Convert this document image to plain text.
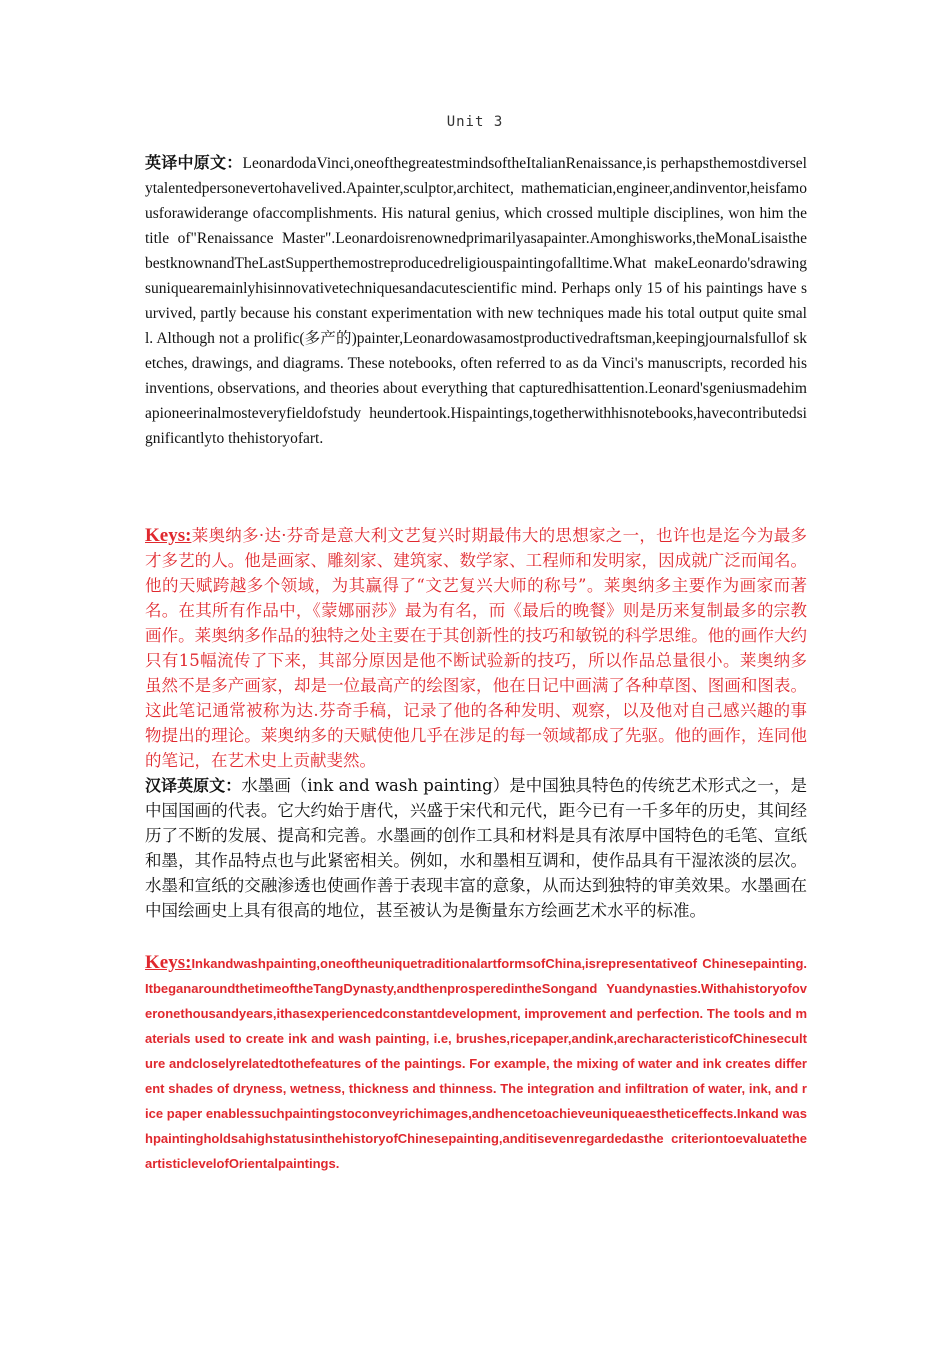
Unit 3
英译中原文：LeonardodaVinci,oneofthegreatestmindsoftheItalianRenaissance,is perhapsthemostdiverselytalentedpersonevertohavelived.Apainter,sculptor,architect, mathematician,engineer,andinventor,heisfamousforawiderange ofaccomplishments. His natural genius, which crossed multiple disciplines, won him the title of"Renaissance Master".Leonardoisrenownedprimarilyasapainter.Amonghisworks,theMonaLisaisthe bestknownandTheLastSupperthemostreproducedreligiouspaintingofalltime.What makeLeonardo'sdrawingsuniquearemainlyhisinnovativetechniquesandacutescientific mind. Perhaps only 15 of his paintings have survived, partly because his constant experimentation with new techniques made his total output quite small. Although not a prolific(多产的)painter,Leonardowasamostproductivedraftsman,keepingjournalsfullof sketches, drawings, and diagrams. These notebooks, often referred to as da Vinci's manuscripts, recorded his inventions, observations, and theories about everything that capturedhisattention.Leonard'sgeniusmadehimapioneerinalmosteveryfieldofstudy heundertook.Hispaintings,togetherwithhisnotebooks,havecontributedsignificantlyto thehistoryofart.
Keys:莱奥纳多·达·芬奇是意大利文艺复兴时期最伟大的思想家之一，也许也是迄今为最多才多艺的人。他是画家、雕刻家、建筑家、数学家、工程师和发明家，因成就广泛而闻名。他的天赋跨越多个领域，为其赢得了“文艺复兴大师的称号”。莱奥纳多主要作为画家而著名。在其所有作品中，《蒙娜丽莎》最为有名，而《最后的晚餐》则是历来复制最多的宗教画作。莱奥纳多作品的独特之处主要在于其创新性的技巧和敏锐的科学思维。他的画作大约只有15幅流传了下来，其部分原因是他不断试验新的技巧，所以作品总量很小。莱奥纳多虽然不是多产画家，却是一位最高产的绘图家，他在日记中画满了各种草图、图画和图表。这此笔记通常被称为达.芬奇手稿，记录了他的各种发明、观察，以及他对自己感兴趣的事物提出的理论。莱奥纳多的天赋使他几乎在涉足的每一领域都成了先驱。他的画作，连同他的笔记，在艺术史上贡献斐然。
汉译英原文：水墨画（ink and wash painting）是中国独具特色的传统艺术形式之一，是中国国画的代表。它大约始于唐代，兴盛于宋代和元代，距今已有一千多年的历史，其间经历了不断的发展、提高和完善。水墨画的创作工具和材料是具有浓厚中国特色的毛笔、宣纸和墨，其作品特点也与此紧密相关。例如，水和墨相互调和，使作品具有干湿浓淡的层次。水墨和宣纸的交融渗透也使画作善于表现丰富的意象，从而达到独特的审美效果。水墨画在中国绘画史上具有很高的地位，甚至被认为是衡量东方绘画艺术水平的标准。
Keys:Inkandwashpainting,oneoftheuniquetraditionalartformsofChina,isrepresentativeof Chinesepainting.ItbeganaroundthetimeoftheTangDynasty,andthenprosperedintheSongand Yuandynasties.Withahistoryofoveronethousandyears,ithasexperiencedconstantdevelopment, improvement and perfection. The tools and materials used to create ink and wash painting, i.e, brushes,ricepaper,andink,arecharacteristicofChineseculture andcloselyrelatedtothefeatures of the paintings. For example, the mixing of water and ink creates different shades of dryness, wetness, thickness and thinness. The integration and infiltration of water, ink, and rice paper enablessuchpaintingstoconveyrichimages,andhencetoachieveuniqueaestheticeffects.Inkand washpaintingholdsahighstatusinthehistoryofChinesepainting,anditisevenregardedasthe criteriontoevaluatetheartisticlevelofOrientalpaintings.
